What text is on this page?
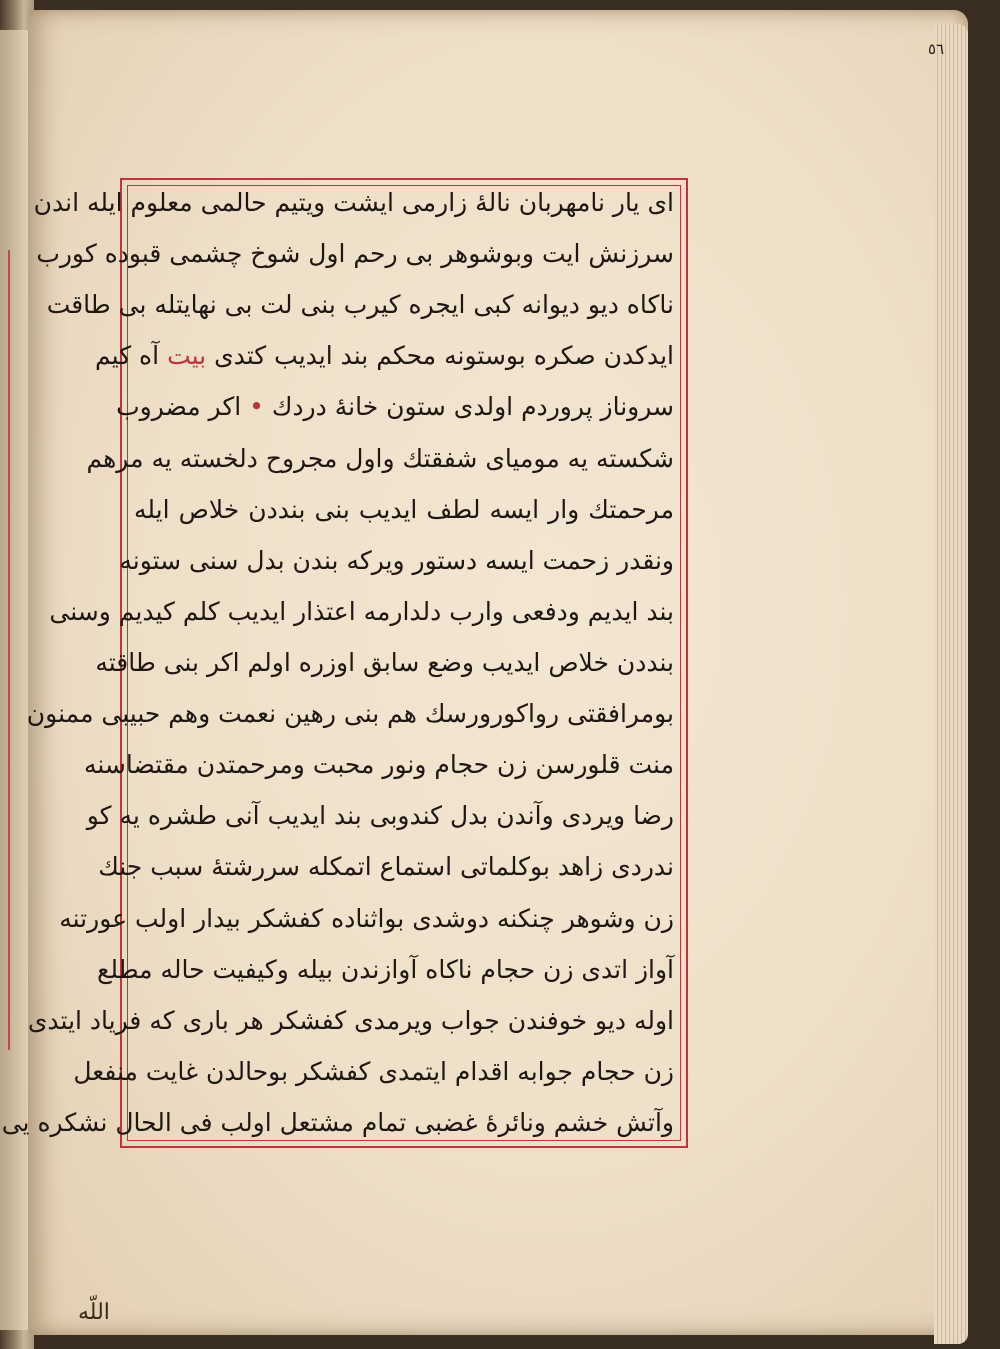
٥٦
ای یار نامهربان نالهٔ زارمی ایشت ویتیم حالمی معلوم ایله اندن
سرزنش ایت وبوشوهر بی رحم اول شوخ چشمی قبوده کورب
ناکاه دیو دیوانه کبی ایجره کیرب بنی لت بی نهایتله بی طاقت
ایدکدن صکره بوستونه محکم بند ایدیب کتدی بیت آه کیم
سروناز پروردم اولدی ستون خانهٔ دردك • اکر مضروب
شکسته یه مومیای شفقتك واول مجروح دلخسته یه مرهم
مرحمتك وار ایسه لطف ایدیب بنی بنددن خلاص ایله
ونقدر زحمت ایسه دستور ویرکه بندن بدل سنی ستونه
بند ایدیم ودفعی وارب دلدارمه اعتذار ایدیب کلم کیدیم وسنی
بنددن خلاص ایدیب وضع سابق اوزره اولم اکر بنی طاقته
بومرافقتی رواکورورسك هم بنی رهین نعمت وهم حبیبی ممنون
منت قلورسن زن حجام ونور محبت ومرحمتدن مقتضاسنه
رضا ویردی وآندن بدل کندوبی بند ایدیب آنی طشره یه کو
ندردی زاهد بوکلماتی استماع اتمکله سررشتهٔ سبب جنك
زن وشوهر چنکنه دوشدی بواثناده کفشکر بیدار اولب عورتنه
آواز اتدی زن حجام ناکاه آوازندن بیله وکیفیت حاله مطلع
اوله دیو خوفندن جواب ویرمدی کفشکر هر باری که فریاد ایتدی
زن حجام جوابه اقدام ایتمدی کفشکر بوحالدن غایت منفعل
وآتش خشم ونائرهٔ غضبی تمام مشتعل اولب فی الحال نشکره یی
اللّه
